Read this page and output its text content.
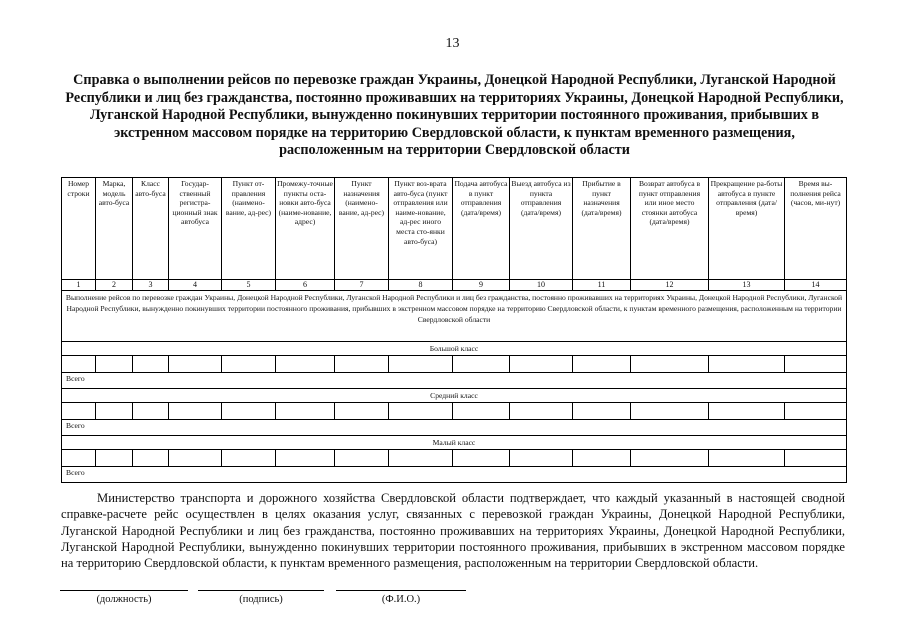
13
Справка о выполнении рейсов по перевозке граждан Украины, Донецкой Народной Республики, Луганской Народной Республики и лиц без гражданства, постоянно проживавших на территориях Украины, Донецкой Народной Республики, Луганской Народной Республики, вынужденно покинувших территории постоянного проживания, прибывших в экстренном массовом порядке на территорию Свердловской области, к пунктам временного размещения, расположенным на территории Свердловской области
Номер строки	Марка, модель авто-буса	Класс авто-буса	Государ-ственный регистра-ционный знак автобуса	Пункт от-правления (наимено-вание, ад-рес)	Промежу-точные пункты оста-новки авто-буса (наиме-нование, адрес)	Пункт назначения (наимено-вание, ад-рес)	Пункт воз-врата авто-буса (пункт отправления или наиме-нование, ад-рес иного места сто-янки авто-буса)	Подача автобуса в пункт отправления (дата/время)	Выезд автобуса из пункта отправления (дата/время)	Прибытие в пункт назначения (дата/время)	Возврат автобуса в пункт отправления или иное место стоянки автобуса (дата/время)	Прекращение ра-боты автобуса в пункте отправления (дата/время)	Время вы-полнения рейса (часов, ми-нут)
1	2	3	4	5	6	7	8	9	10	11	12	13	14
Выполнение рейсов по перевозке граждан Украины, Донецкой Народной Республики, Луганской Народной Республики и лиц без гражданства, постоянно проживавших на территориях Украины, Донецкой Народной Республики, Луганской Народной Республики, вынужденно покинувших территории постоянного проживания, прибывших в экстренном массовом порядке на территорию Свердловской области, к пунктам временного размещения, расположенным на территории Свердловской области													
Большой класс													

Всего													
Средний класс													

Всего													
Малый класс													

Всего													
Министерство транспорта и дорожного хозяйства Свердловской области подтверждает, что каждый указанный в настоящей сводной справке-расчете рейс осуществлен в целях оказания услуг, связанных с перевозкой граждан Украины, Донецкой Народной Республики, Луганской Народной Республики и лиц без гражданства, постоянно проживавших на территориях Украины, Донецкой Народной Республики, Луганской Народной Республики, вынужденно покинувших территории постоянного проживания, прибывших в экстренном массовом порядке на территорию Свердловской области, к пунктам временного размещения, расположенным на территории Свердловской области.
(должность)	(подпись)	(Ф.И.О.)
